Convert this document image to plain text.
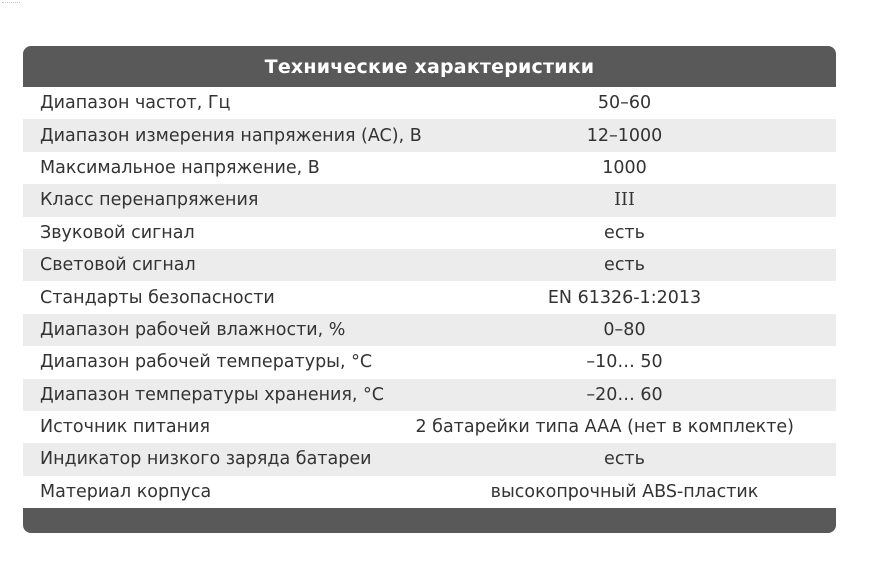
Технические характеристики
Диапазон частот, Гц	50–60
Диапазон измерения напряжения (AC), В	12–1000
Максимальное напряжение, В	1000
Класс перенапряжения	III
Звуковой сигнал	есть
Световой сигнал	есть
Стандарты безопасности	EN 61326-1:2013
Диапазон рабочей влажности, %	0–80
Диапазон рабочей температуры, °С	–10… 50
Диапазон температуры хранения, °С	–20… 60
Источник питания	2 батарейки типа AAA (нет в комплекте)
Индикатор низкого заряда батареи	есть
Материал корпуса	высокопрочный ABS-пластик
